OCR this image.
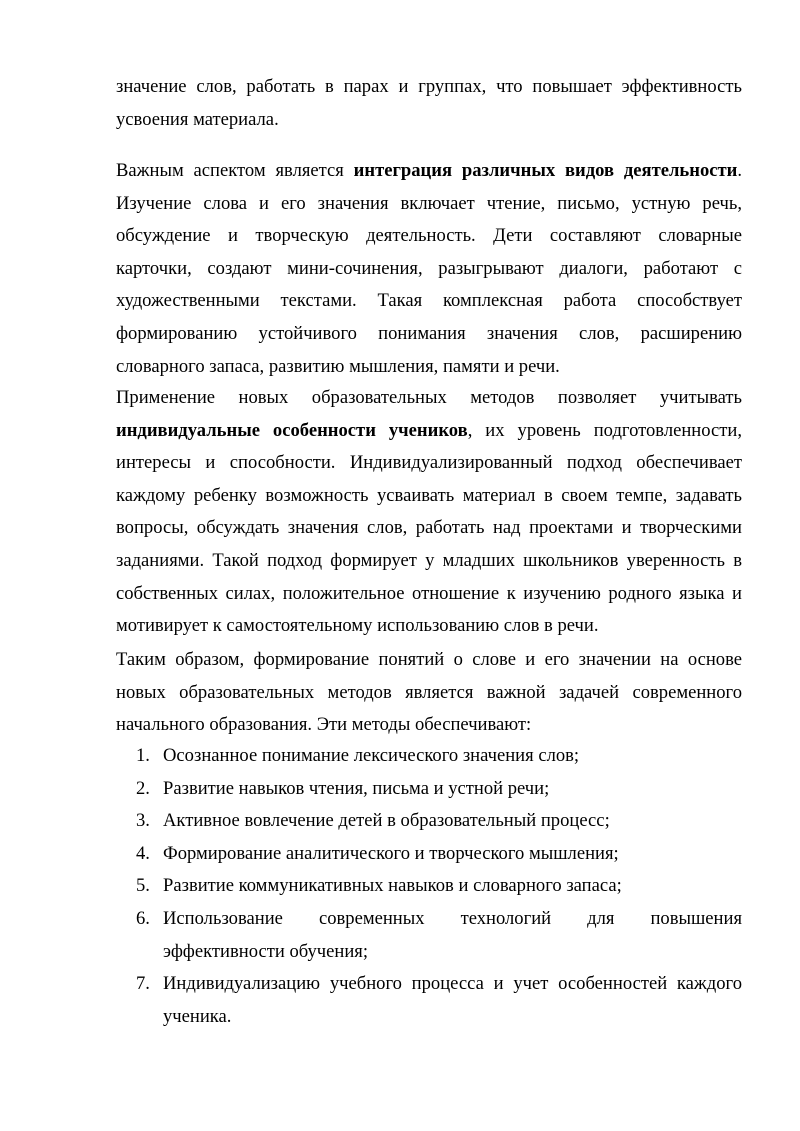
значение слов, работать в парах и группах, что повышает эффективность усвоения материала.

Важным аспектом является интеграция различных видов деятельности. Изучение слова и его значения включает чтение, письмо, устную речь, обсуждение и творческую деятельность. Дети составляют словарные карточки, создают мини-сочинения, разыгрывают диалоги, работают с художественными текстами. Такая комплексная работа способствует формированию устойчивого понимания значения слов, расширению словарного запаса, развитию мышления, памяти и речи.

Применение новых образовательных методов позволяет учитывать индивидуальные особенности учеников, их уровень подготовленности, интересы и способности. Индивидуализированный подход обеспечивает каждому ребенку возможность усваивать материал в своем темпе, задавать вопросы, обсуждать значения слов, работать над проектами и творческими заданиями. Такой подход формирует у младших школьников уверенность в собственных силах, положительное отношение к изучению родного языка и мотивирует к самостоятельному использованию слов в речи.

Таким образом, формирование понятий о слове и его значении на основе новых образовательных методов является важной задачей современного начального образования. Эти методы обеспечивают:

1. Осознанное понимание лексического значения слов;
2. Развитие навыков чтения, письма и устной речи;
3. Активное вовлечение детей в образовательный процесс;
4. Формирование аналитического и творческого мышления;
5. Развитие коммуникативных навыков и словарного запаса;
6. Использование современных технологий для повышения эффективности обучения;
7. Индивидуализацию учебного процесса и учет особенностей каждого ученика.
